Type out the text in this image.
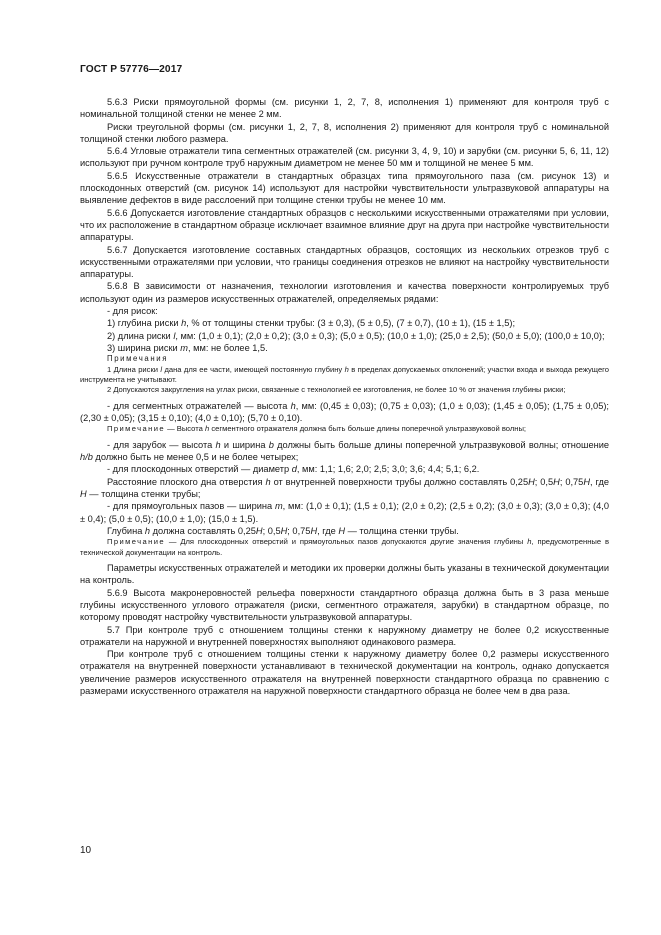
ГОСТ Р 57776—2017

5.6.3 Риски прямоугольной формы (см. рисунки 1, 2, 7, 8, исполнения 1) применяют для контроля труб с номинальной толщиной стенки не менее 2 мм.

Риски треугольной формы (см. рисунки 1, 2, 7, 8, исполнения 2) применяют для контроля труб с номинальной толщиной стенки любого размера.

5.6.4 Угловые отражатели типа сегментных отражателей (см. рисунки 3, 4, 9, 10) и зарубки (см. рисунки 5, 6, 11, 12) используют при ручном контроле труб наружным диаметром не менее 50 мм и толщиной не менее 5 мм.

5.6.5 Искусственные отражатели в стандартных образцах типа прямоугольного паза (см. рисунок 13) и плоскодонных отверстий (см. рисунок 14) используют для настройки чувствительности ультразвуковой аппаратуры на выявление дефектов в виде расслоений при толщине стенки трубы не менее 10 мм.

5.6.6 Допускается изготовление стандартных образцов с несколькими искусственными отражателями при условии, что их расположение в стандартном образце исключает взаимное влияние друг на друга при настройке чувствительности аппаратуры.

5.6.7 Допускается изготовление составных стандартных образцов, состоящих из нескольких отрезков труб с искусственными отражателями при условии, что границы соединения отрезков не влияют на настройку чувствительности аппаратуры.

5.6.8 В зависимости от назначения, технологии изготовления и качества поверхности контролируемых труб используют один из размеров искусственных отражателей, определяемых рядами:

- для рисок:

1) глубина риски h, % от толщины стенки трубы: (3 ± 0,3), (5 ± 0,5), (7 ± 0,7), (10 ± 1), (15 ± 1,5);

2) длина риски l, мм: (1,0 ± 0,1); (2,0 ± 0,2); (3,0 ± 0,3); (5,0 ± 0,5); (10,0 ± 1,0); (25,0 ± 2,5); (50,0 ± 5,0); (100,0 ± 10,0);

3) ширина риски m, мм: не более 1,5.

Примечания

1 Длина риски l дана для ее части, имеющей постоянную глубину h в пределах допускаемых отклонений; участки входа и выхода режущего инструмента не учитывают.

2 Допускаются закругления на углах риски, связанные с технологией ее изготовления, не более 10 % от значения глубины риски;

- для сегментных отражателей — высота h, мм: (0,45 ± 0,03); (0,75 ± 0,03); (1,0 ± 0,03); (1,45 ± 0,05); (1,75 ± 0,05); (2,30 ± 0,05); (3,15 ± 0,10); (4,0 ± 0,10); (5,70 ± 0,10).

Примечание — Высота h сегментного отражателя должна быть больше длины поперечной ультразвуковой волны;

- для зарубок — высота h и ширина b должны быть больше длины поперечной ультразвуковой волны; отношение h/b должно быть не менее 0,5 и не более четырех;

- для плоскодонных отверстий — диаметр d, мм: 1,1; 1,6; 2,0; 2,5; 3,0; 3,6; 4,4; 5,1; 6,2.

Расстояние плоского дна отверстия h от внутренней поверхности трубы должно составлять 0,25H; 0,5H; 0,75H, где H — толщина стенки трубы;

- для прямоугольных пазов — ширина m, мм: (1,0 ± 0,1); (1,5 ± 0,1); (2,0 ± 0,2); (2,5 ± 0,2); (3,0 ± 0,3); (3,0 ± 0,3); (4,0 ± 0,4); (5,0 ± 0,5); (10,0 ± 1,0); (15,0 ± 1,5).

Глубина h должна составлять 0,25H; 0,5H; 0,75H, где H — толщина стенки трубы.

Примечание — Для плоскодонных отверстий и прямоугольных пазов допускаются другие значения глубины h, предусмотренные в технической документации на контроль.

Параметры искусственных отражателей и методики их проверки должны быть указаны в технической документации на контроль.

5.6.9 Высота макронеровностей рельефа поверхности стандартного образца должна быть в 3 раза меньше глубины искусственного углового отражателя (риски, сегментного отражателя, зарубки) в стандартном образце, по которому проводят настройку чувствительности ультразвуковой аппаратуры.

5.7 При контроле труб с отношением толщины стенки к наружному диаметру не более 0,2 искусственные отражатели на наружной и внутренней поверхностях выполняют одинакового размера.

При контроле труб с отношением толщины стенки к наружному диаметру более 0,2 размеры искусственного отражателя на внутренней поверхности устанавливают в технической документации на контроль, однако допускается увеличение размеров искусственного отражателя на внутренней поверхности стандартного образца по сравнению с размерами искусственного отражателя на наружной поверхности стандартного образца не более чем в два раза.

10
